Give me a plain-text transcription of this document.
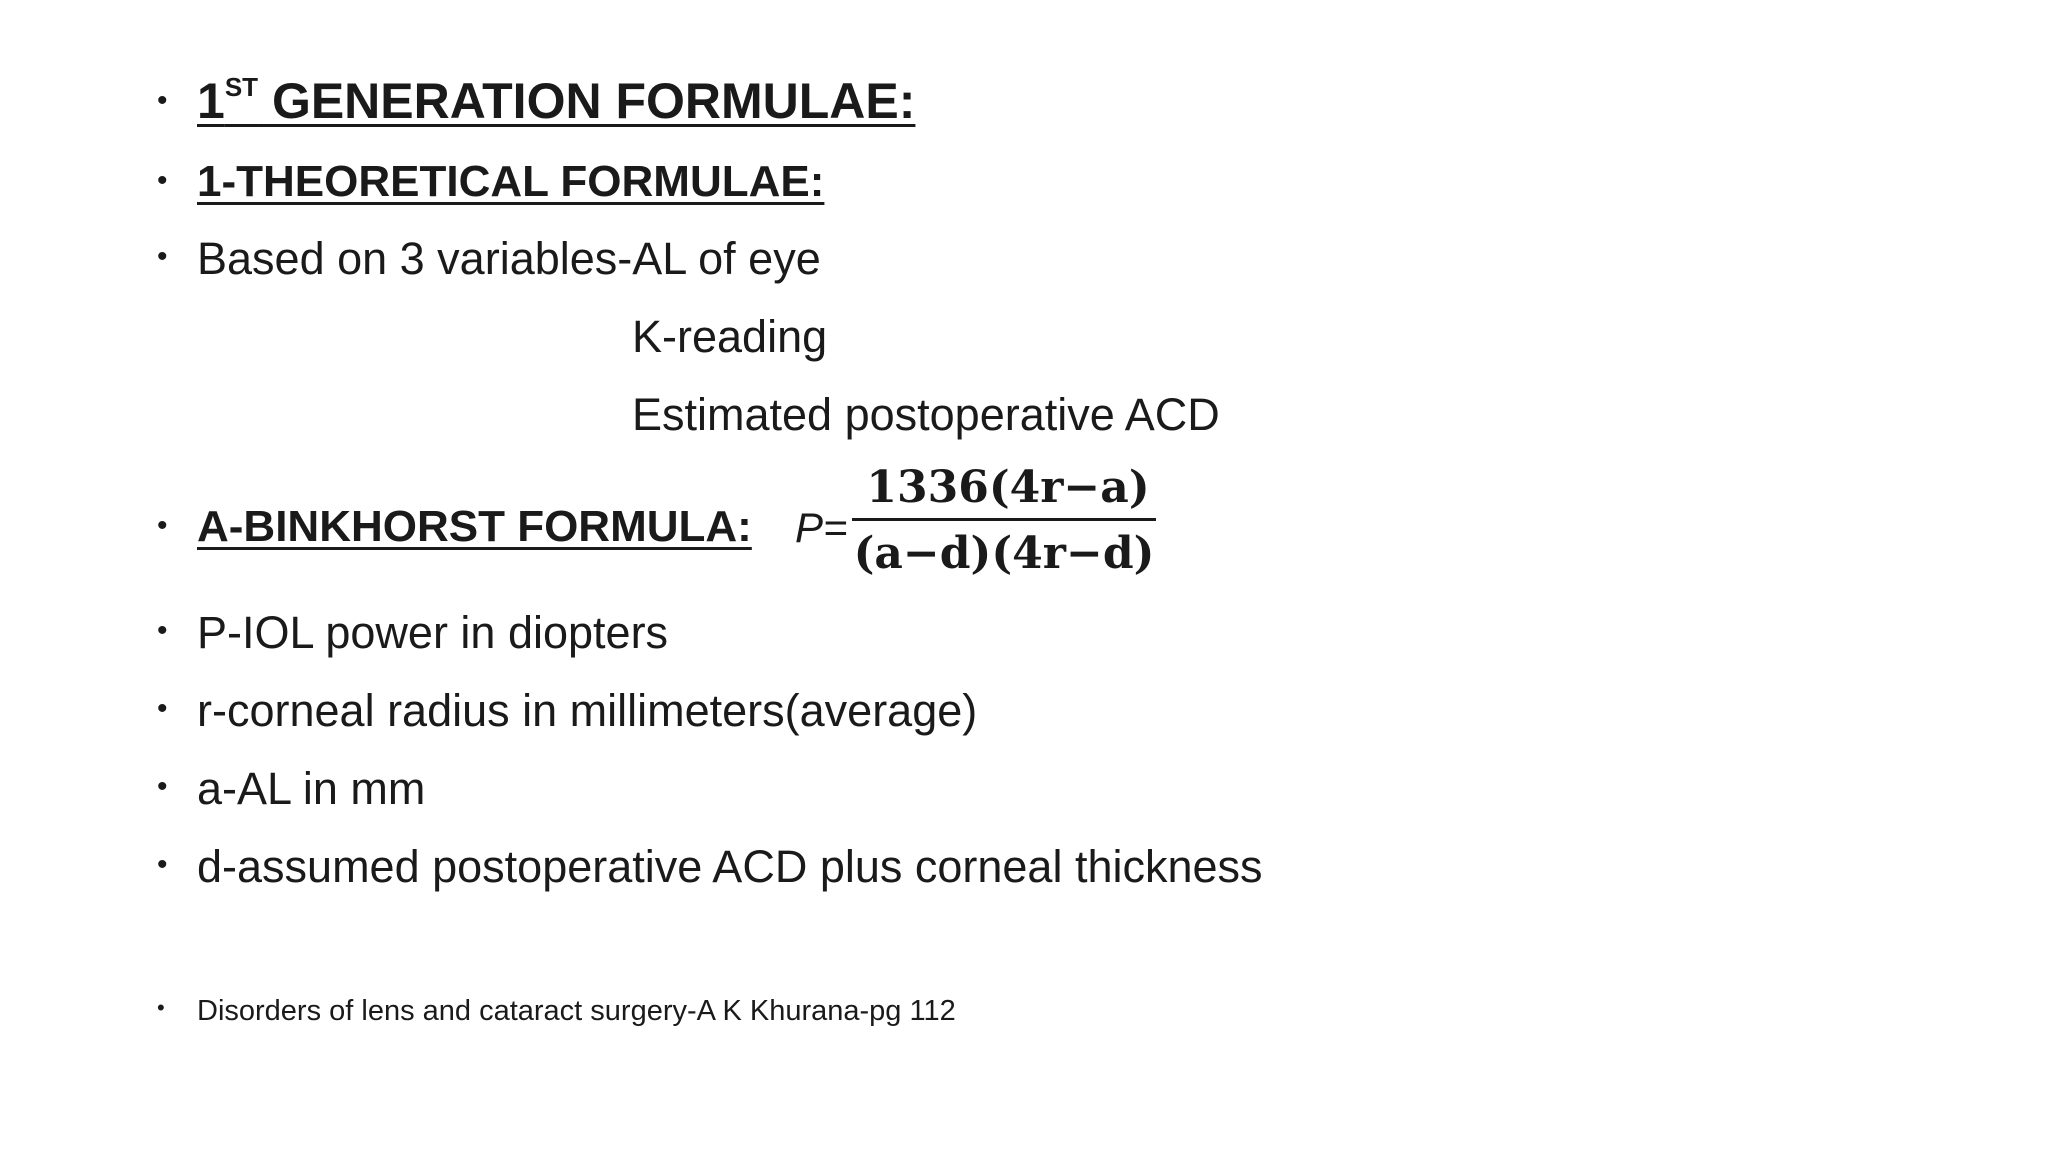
• 1ST GENERATION FORMULAE:
• 1-THEORETICAL FORMULAE:
• Based on 3 variables-AL of eye
K-reading
Estimated postoperative ACD
• A-BINKHORST FORMULA: P=
1336(4r−a)
(a−d)(4r−d)
• P-IOL power in diopters
• r-corneal radius in millimeters(average)
• a-AL in mm
• d-assumed postoperative ACD plus corneal thickness
• Disorders of lens and cataract surgery-A K Khurana-pg 112
